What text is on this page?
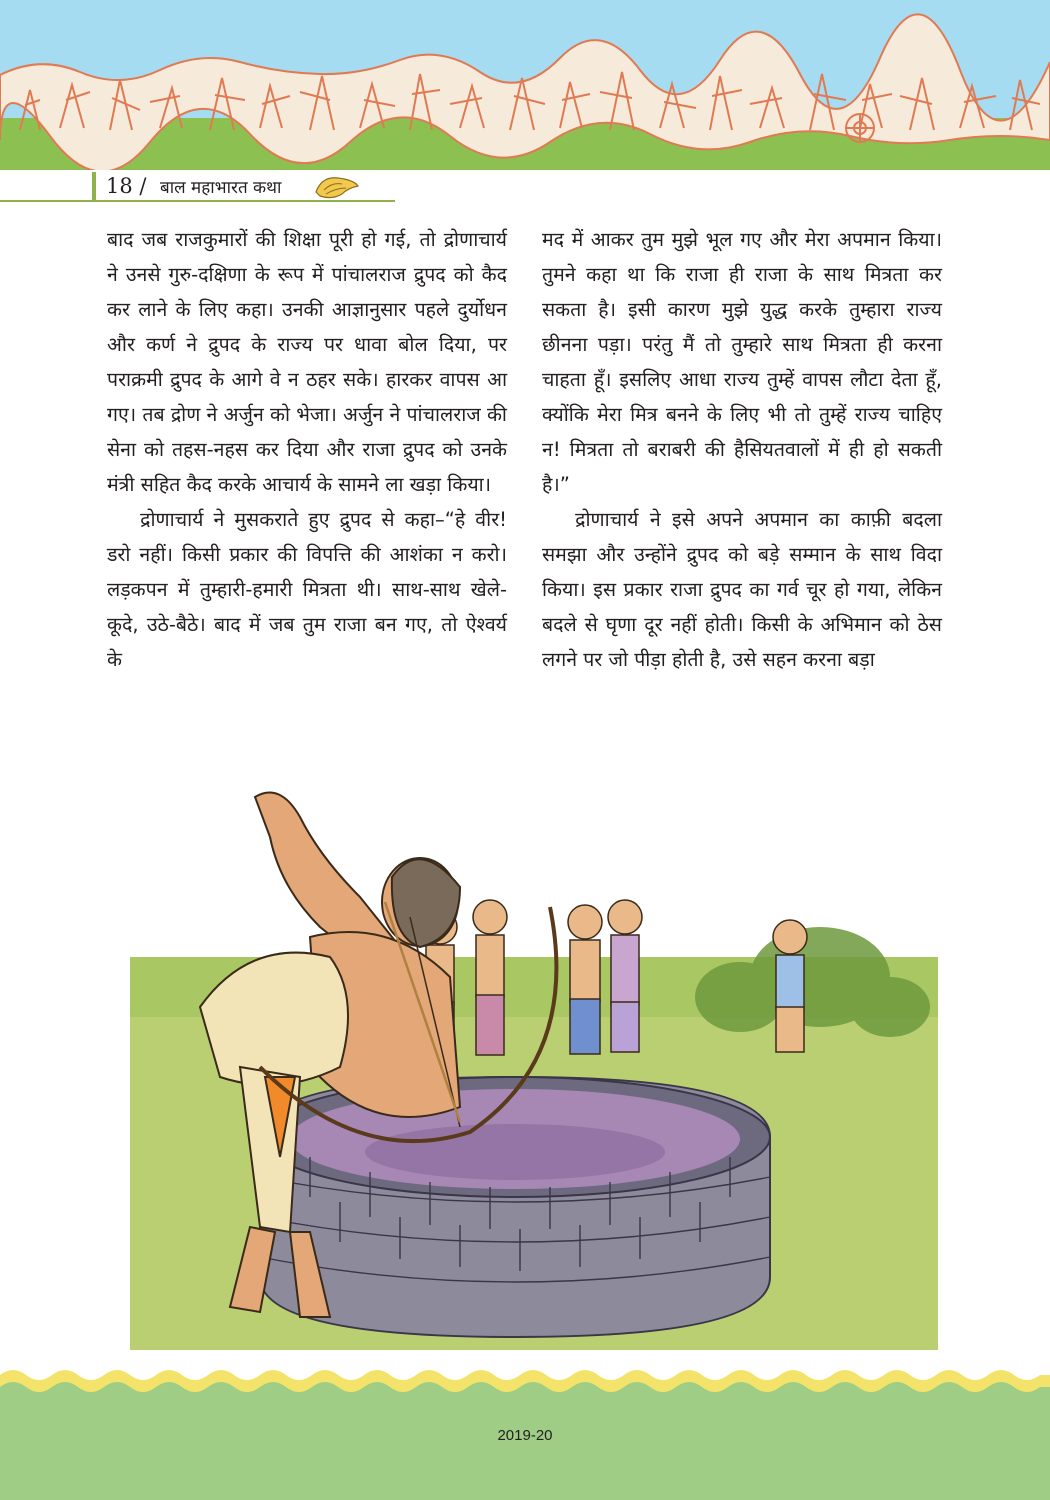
18 / बाल महाभारत कथा

बाद जब राजकुमारों की शिक्षा पूरी हो गई, तो द्रोणाचार्य ने उनसे गुरु-दक्षिणा के रूप में पांचालराज द्रुपद को कैद कर लाने के लिए कहा। उनकी आज्ञानुसार पहले दुर्योधन और कर्ण ने द्रुपद के राज्य पर धावा बोल दिया, पर पराक्रमी द्रुपद के आगे वे न ठहर सके। हारकर वापस आ गए। तब द्रोण ने अर्जुन को भेजा। अर्जुन ने पांचालराज की सेना को तहस-नहस कर दिया और राजा द्रुपद को उनके मंत्री सहित कैद करके आचार्य के सामने ला खड़ा किया।

द्रोणाचार्य ने मुसकराते हुए द्रुपद से कहा–“हे वीर! डरो नहीं। किसी प्रकार की विपत्ति की आशंका न करो। लड़कपन में तुम्हारी-हमारी मित्रता थी। साथ-साथ खेले-कूदे, उठे-बैठे। बाद में जब तुम राजा बन गए, तो ऐश्वर्य के

मद में आकर तुम मुझे भूल गए और मेरा अपमान किया। तुमने कहा था कि राजा ही राजा के साथ मित्रता कर सकता है। इसी कारण मुझे युद्ध करके तुम्हारा राज्य छीनना पड़ा। परंतु मैं तो तुम्हारे साथ मित्रता ही करना चाहता हूँ। इसलिए आधा राज्य तुम्हें वापस लौटा देता हूँ, क्योंकि मेरा मित्र बनने के लिए भी तो तुम्हें राज्य चाहिए न! मित्रता तो बराबरी की हैसियतवालों में ही हो सकती है।”

द्रोणाचार्य ने इसे अपने अपमान का काफ़ी बदला समझा और उन्होंने द्रुपद को बड़े सम्मान के साथ विदा किया। इस प्रकार राजा द्रुपद का गर्व चूर हो गया, लेकिन बदले से घृणा दूर नहीं होती। किसी के अभिमान को ठेस लगने पर जो पीड़ा होती है, उसे सहन करना बड़ा

2019-20
